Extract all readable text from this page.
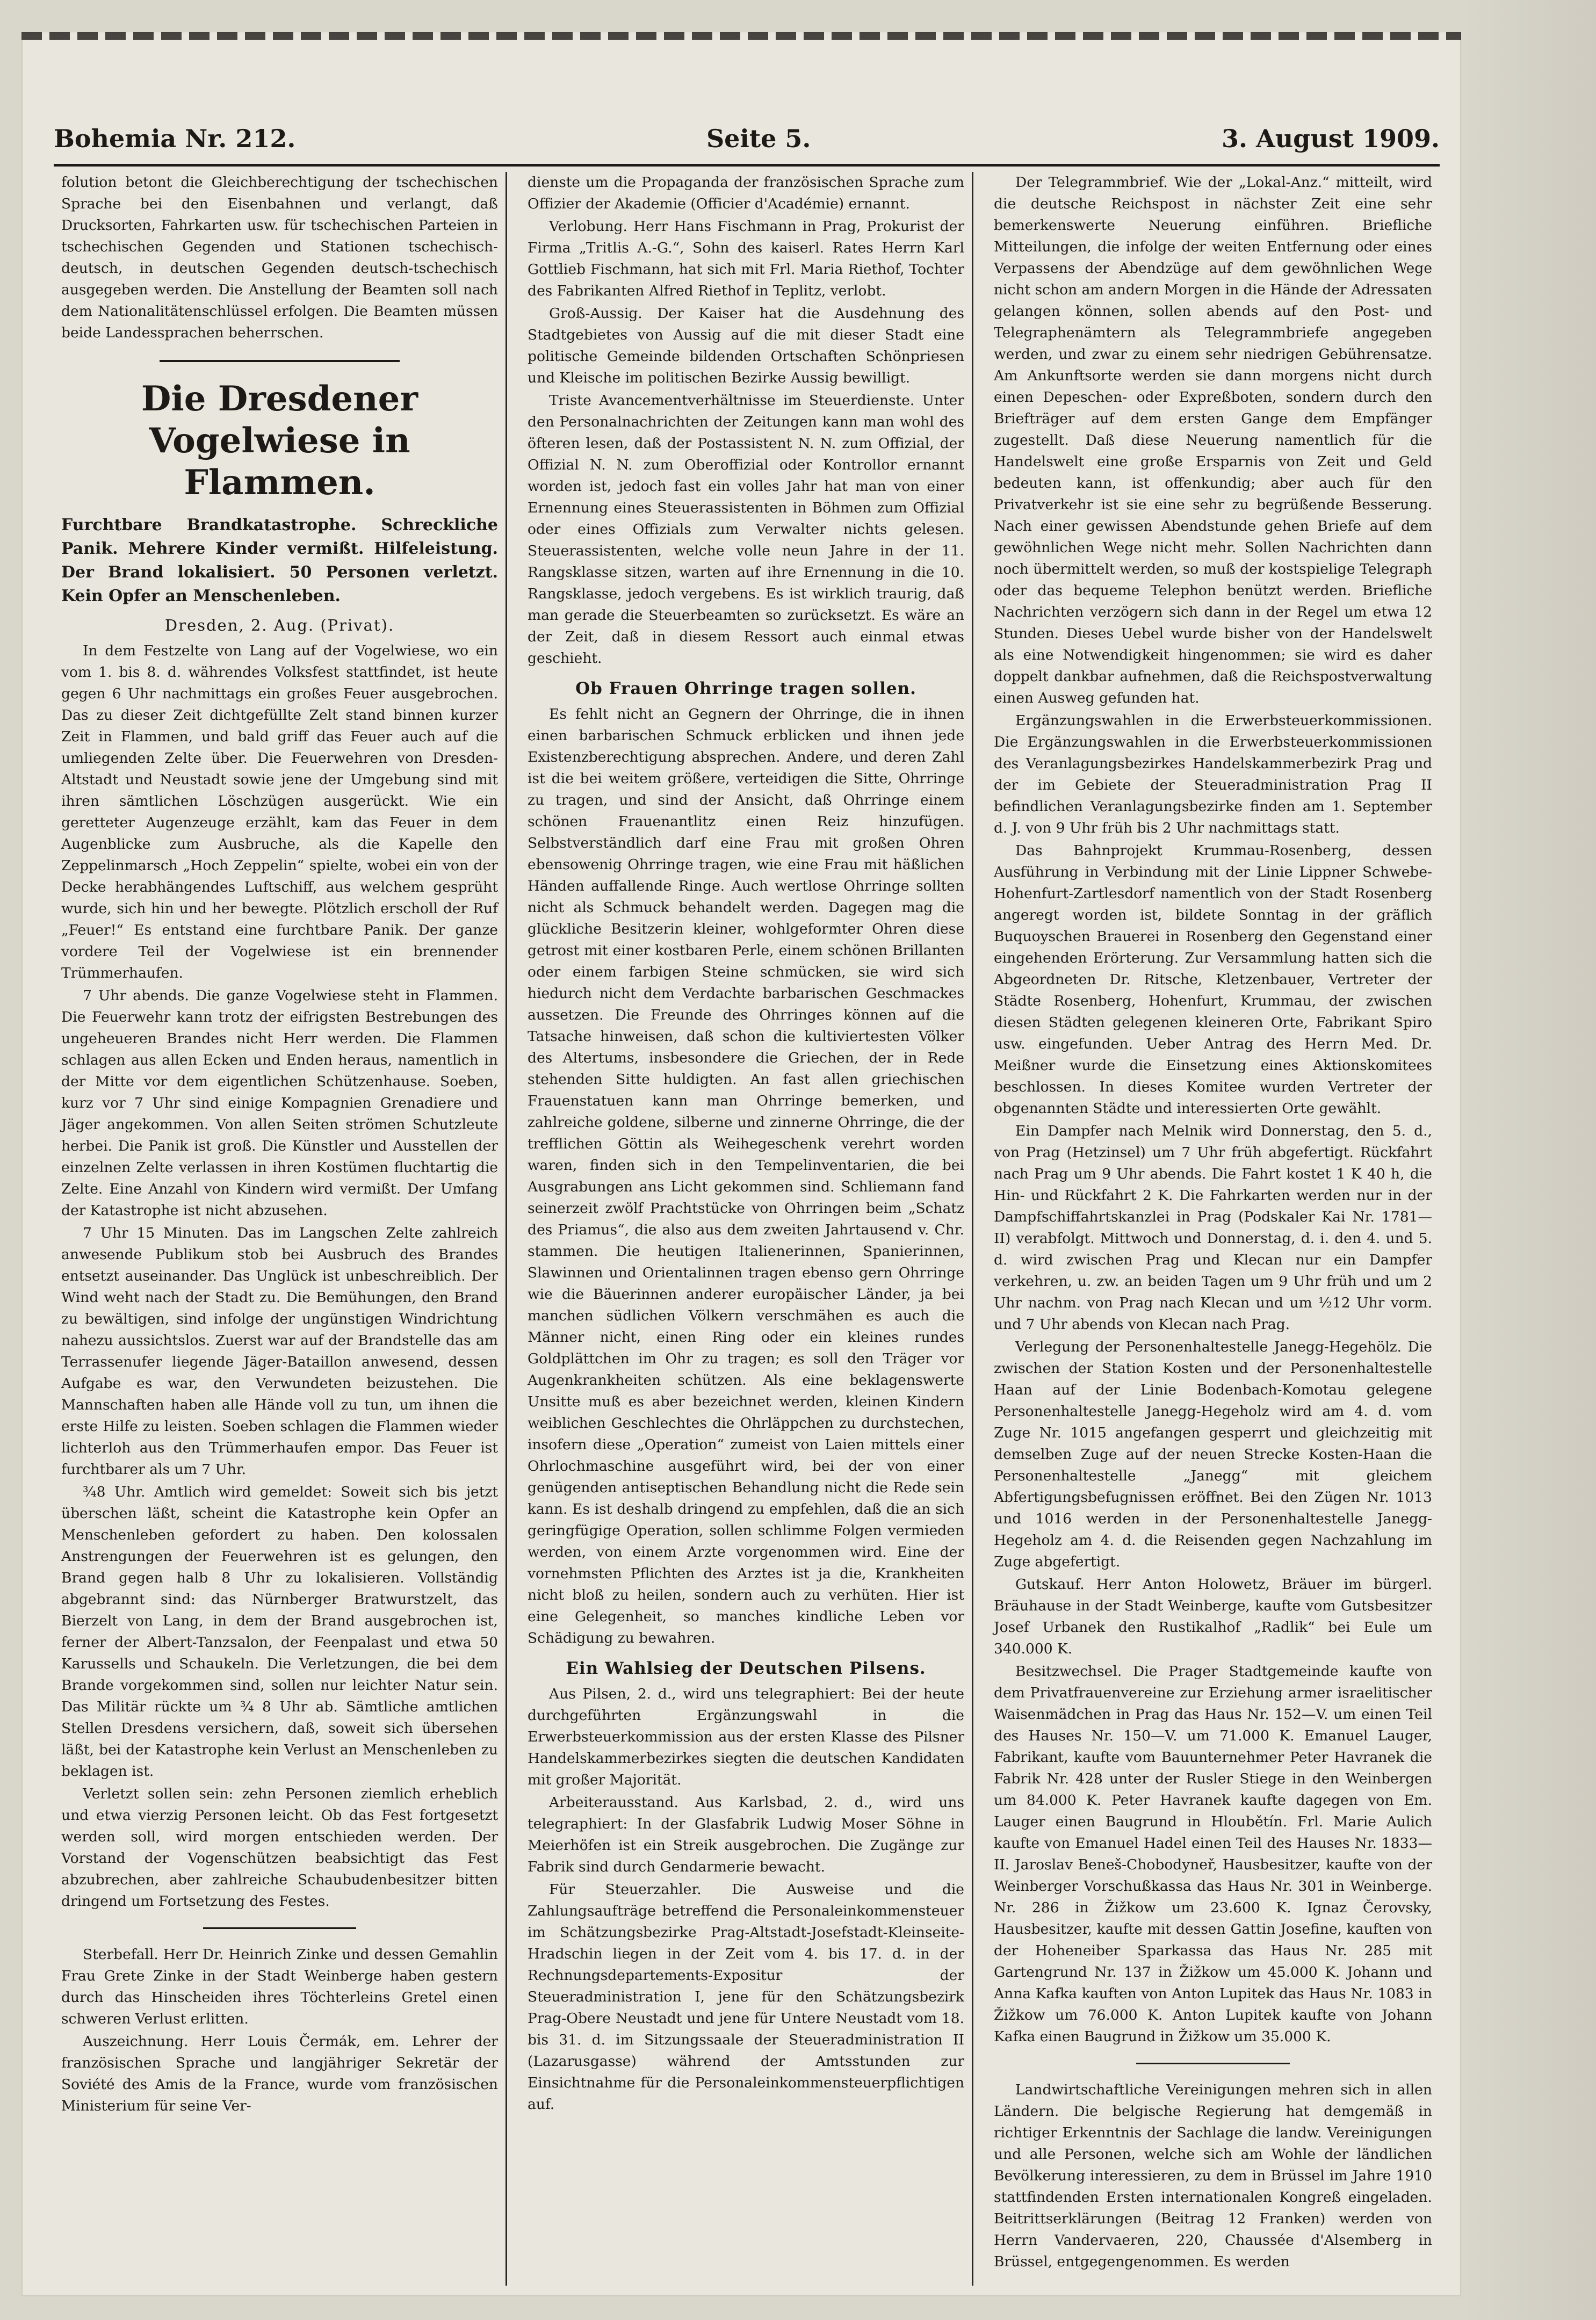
Bohemia Nr. 212.	Seite 5.	3. August 1909.

folution betont die Gleichberechtigung der tschechischen Sprache bei den Eisenbahnen und verlangt, daß Drucksorten, Fahrkarten usw. für tschechischen Parteien in tschechischen Gegenden und Stationen tschechisch-deutsch, in deutschen Gegenden deutsch-tschechisch ausgegeben werden. Die Anstellung der Beamten soll nach dem Nationalitätenschlüssel erfolgen. Die Beamten müssen beide Landessprachen beherrschen.

Die Dresdener Vogelwiese in Flammen.
Furchtbare Brandkatastrophe. Schreckliche Panik. Mehrere Kinder vermißt. Hilfeleistung. Der Brand lokalisiert. 50 Personen verletzt. Kein Opfer an Menschenleben.
Dresden, 2. Aug. (Privat).

In dem Festzelte von Lang auf der Vogelwiese, wo ein vom 1. bis 8. d. währendes Volksfest stattfindet, ist heute gegen 6 Uhr nachmittags ein großes Feuer ausgebrochen. Das zu dieser Zeit dichtgefüllte Zelt stand binnen kurzer Zeit in Flammen, und bald griff das Feuer auch auf die umliegenden Zelte über. Die Feuerwehren von Dresden-Altstadt und Neustadt sowie jene der Umgebung sind mit ihren sämtlichen Löschzügen ausgerückt. Wie ein geretteter Augenzeuge erzählt, kam das Feuer in dem Augenblicke zum Ausbruche, als die Kapelle den Zeppelinmarsch „Hoch Zeppelin“ spielte, wobei ein von der Decke herabhängendes Luftschiff, aus welchem gesprüht wurde, sich hin und her bewegte. Plötzlich erscholl der Ruf „Feuer!“ Es entstand eine furchtbare Panik. Der ganze vordere Teil der Vogelwiese ist ein brennender Trümmerhaufen.

7 Uhr abends. Die ganze Vogelwiese steht in Flammen. Die Feuerwehr kann trotz der eifrigsten Bestrebungen des ungeheueren Brandes nicht Herr werden. Die Flammen schlagen aus allen Ecken und Enden heraus, namentlich in der Mitte vor dem eigentlichen Schützenhause. Soeben, kurz vor 7 Uhr sind einige Kompagnien Grenadiere und Jäger angekommen. Von allen Seiten strömen Schutzleute herbei. Die Panik ist groß. Die Künstler und Ausstellen der einzelnen Zelte verlassen in ihren Kostümen fluchtartig die Zelte. Eine Anzahl von Kindern wird vermißt. Der Umfang der Katastrophe ist nicht abzusehen.

7 Uhr 15 Minuten. Das im Langschen Zelte zahlreich anwesende Publikum stob bei Ausbruch des Brandes entsetzt auseinander. Das Unglück ist unbeschreiblich. Der Wind weht nach der Stadt zu. Die Bemühungen, den Brand zu bewältigen, sind infolge der ungünstigen Windrichtung nahezu aussichtslos. Zuerst war auf der Brandstelle das am Terrassenufer liegende Jäger-Bataillon anwesend, dessen Aufgabe es war, den Verwundeten beizustehen. Die Mannschaften haben alle Hände voll zu tun, um ihnen die erste Hilfe zu leisten. Soeben schlagen die Flammen wieder lichterloh aus den Trümmerhaufen empor. Das Feuer ist furchtbarer als um 7 Uhr.

¾8 Uhr. Amtlich wird gemeldet: Soweit sich bis jetzt überschen läßt, scheint die Katastrophe kein Opfer an Menschenleben gefordert zu haben. Den kolossalen Anstrengungen der Feuerwehren ist es gelungen, den Brand gegen halb 8 Uhr zu lokalisieren. Vollständig abgebrannt sind: das Nürnberger Bratwurstzelt, das Bierzelt von Lang, in dem der Brand ausgebrochen ist, ferner der Albert-Tanzsalon, der Feenpalast und etwa 50 Karussells und Schaukeln. Die Verletzungen, die bei dem Brande vorgekommen sind, sollen nur leichter Natur sein. Das Militär rückte um ¾ 8 Uhr ab. Sämtliche amtlichen Stellen Dresdens versichern, daß, soweit sich übersehen läßt, bei der Katastrophe kein Verlust an Menschenleben zu beklagen ist.

Verletzt sollen sein: zehn Personen ziemlich erheblich und etwa vierzig Personen leicht. Ob das Fest fortgesetzt werden soll, wird morgen entschieden werden. Der Vorstand der Vogenschützen beabsichtigt das Fest abzubrechen, aber zahlreiche Schaubudenbesitzer bitten dringend um Fortsetzung des Festes.

Sterbefall. Herr Dr. Heinrich Zinke und dessen Gemahlin Frau Grete Zinke in der Stadt Weinberge haben gestern durch das Hinscheiden ihres Töchterleins Gretel einen schweren Verlust erlitten.

Auszeichnung. Herr Louis Čermák, em. Lehrer der französischen Sprache und langjähriger Sekretär der Soviété des Amis de la France, wurde vom französischen Ministerium für seine Ver-

dienste um die Propaganda der französischen Sprache zum Offizier der Akademie (Officier d'Académie) ernannt.

Verlobung. Herr Hans Fischmann in Prag, Prokurist der Firma „Tritlis A.-G.“, Sohn des kaiserl. Rates Herrn Karl Gottlieb Fischmann, hat sich mit Frl. Maria Riethof, Tochter des Fabrikanten Alfred Riethof in Teplitz, verlobt.

Groß-Aussig. Der Kaiser hat die Ausdehnung des Stadtgebietes von Aussig auf die mit dieser Stadt eine politische Gemeinde bildenden Ortschaften Schönpriesen und Kleische im politischen Bezirke Aussig bewilligt.

Triste Avancementverhältnisse im Steuerdienste. Unter den Personalnachrichten der Zeitungen kann man wohl des öfteren lesen, daß der Postassistent N. N. zum Offizial, der Offizial N. N. zum Oberoffizial oder Kontrollor ernannt worden ist, jedoch fast ein volles Jahr hat man von einer Ernennung eines Steuerassistenten in Böhmen zum Offizial oder eines Offizials zum Verwalter nichts gelesen. Steuerassistenten, welche volle neun Jahre in der 11. Rangsklasse sitzen, warten auf ihre Ernennung in die 10. Rangsklasse, jedoch vergebens. Es ist wirklich traurig, daß man gerade die Steuerbeamten so zurücksetzt. Es wäre an der Zeit, daß in diesem Ressort auch einmal etwas geschieht.

Ob Frauen Ohrringe tragen sollen.

Es fehlt nicht an Gegnern der Ohrringe, die in ihnen einen barbarischen Schmuck erblicken und ihnen jede Existenzberechtigung absprechen. Andere, und deren Zahl ist die bei weitem größere, verteidigen die Sitte, Ohrringe zu tragen, und sind der Ansicht, daß Ohrringe einem schönen Frauenantlitz einen Reiz hinzufügen. Selbstverständlich darf eine Frau mit großen Ohren ebensowenig Ohrringe tragen, wie eine Frau mit häßlichen Händen auffallende Ringe. Auch wertlose Ohrringe sollten nicht als Schmuck behandelt werden. Dagegen mag die glückliche Besitzerin kleiner, wohlgeformter Ohren diese getrost mit einer kostbaren Perle, einem schönen Brillanten oder einem farbigen Steine schmücken, sie wird sich hiedurch nicht dem Verdachte barbarischen Geschmackes aussetzen. Die Freunde des Ohrringes können auf die Tatsache hinweisen, daß schon die kultiviertesten Völker des Altertums, insbesondere die Griechen, der in Rede stehenden Sitte huldigten. An fast allen griechischen Frauenstatuen kann man Ohrringe bemerken, und zahlreiche goldene, silberne und zinnerne Ohrringe, die der trefflichen Göttin als Weihegeschenk verehrt worden waren, finden sich in den Tempelinventarien, die bei Ausgrabungen ans Licht gekommen sind. Schliemann fand seinerzeit zwölf Prachtstücke von Ohrringen beim „Schatz des Priamus“, die also aus dem zweiten Jahrtausend v. Chr. stammen. Die heutigen Italienerinnen, Spanierinnen, Slawinnen und Orientalinnen tragen ebenso gern Ohrringe wie die Bäuerinnen anderer europäischer Länder, ja bei manchen südlichen Völkern verschmähen es auch die Männer nicht, einen Ring oder ein kleines rundes Goldplättchen im Ohr zu tragen; es soll den Träger vor Augenkrankheiten schützen. Als eine beklagenswerte Unsitte muß es aber bezeichnet werden, kleinen Kindern weiblichen Geschlechtes die Ohrläppchen zu durchstechen, insofern diese „Operation“ zumeist von Laien mittels einer Ohrlochmaschine ausgeführt wird, bei der von einer genügenden antiseptischen Behandlung nicht die Rede sein kann. Es ist deshalb dringend zu empfehlen, daß die an sich geringfügige Operation, sollen schlimme Folgen vermieden werden, von einem Arzte vorgenommen wird. Eine der vornehmsten Pflichten des Arztes ist ja die, Krankheiten nicht bloß zu heilen, sondern auch zu verhüten. Hier ist eine Gelegenheit, so manches kindliche Leben vor Schädigung zu bewahren.

Ein Wahlsieg der Deutschen Pilsens.

Aus Pilsen, 2. d., wird uns telegraphiert: Bei der heute durchgeführten Ergänzungswahl in die Erwerbsteuerkommission aus der ersten Klasse des Pilsner Handelskammerbezirkes siegten die deutschen Kandidaten mit großer Majorität.

Arbeiterausstand. Aus Karlsbad, 2. d., wird uns telegraphiert: In der Glasfabrik Ludwig Moser Söhne in Meierhöfen ist ein Streik ausgebrochen. Die Zugänge zur Fabrik sind durch Gendarmerie bewacht.

Für Steuerzahler. Die Ausweise und die Zahlungsaufträge betreffend die Personaleinkommensteuer im Schätzungsbezirke Prag-Altstadt-Josefstadt-Kleinseite-Hradschin liegen in der Zeit vom 4. bis 17. d. in der Rechnungsdepartements-Expositur der Steueradministration I, jene für den Schätzungsbezirk Prag-Obere Neustadt und jene für Untere Neustadt vom 18. bis 31. d. im Sitzungssaale der Steueradministration II (Lazarusgasse) während der Amtsstunden zur Einsichtnahme für die Personaleinkommensteuerpflichtigen auf.

Der Telegrammbrief. Wie der „Lokal-Anz.“ mitteilt, wird die deutsche Reichspost in nächster Zeit eine sehr bemerkenswerte Neuerung einführen. Briefliche Mitteilungen, die infolge der weiten Entfernung oder eines Verpassens der Abendzüge auf dem gewöhnlichen Wege nicht schon am andern Morgen in die Hände der Adressaten gelangen können, sollen abends auf den Post- und Telegraphenämtern als Telegrammbriefe angegeben werden, und zwar zu einem sehr niedrigen Gebührensatze. Am Ankunftsorte werden sie dann morgens nicht durch einen Depeschen- oder Expreßboten, sondern durch den Briefträger auf dem ersten Gange dem Empfänger zugestellt. Daß diese Neuerung namentlich für die Handelswelt eine große Ersparnis von Zeit und Geld bedeuten kann, ist offenkundig; aber auch für den Privatverkehr ist sie eine sehr zu begrüßende Besserung. Nach einer gewissen Abendstunde gehen Briefe auf dem gewöhnlichen Wege nicht mehr. Sollen Nachrichten dann noch übermittelt werden, so muß der kostspielige Telegraph oder das bequeme Telephon benützt werden. Briefliche Nachrichten verzögern sich dann in der Regel um etwa 12 Stunden. Dieses Uebel wurde bisher von der Handelswelt als eine Notwendigkeit hingenommen; sie wird es daher doppelt dankbar aufnehmen, daß die Reichspostverwaltung einen Ausweg gefunden hat.

Ergänzungswahlen in die Erwerbsteuerkommissionen. Die Ergänzungswahlen in die Erwerbsteuerkommissionen des Veranlagungsbezirkes Handelskammerbezirk Prag und der im Gebiete der Steueradministration Prag II befindlichen Veranlagungsbezirke finden am 1. September d. J. von 9 Uhr früh bis 2 Uhr nachmittags statt.

Das Bahnprojekt Krummau-Rosenberg, dessen Ausführung in Verbindung mit der Linie Lippner Schwebe-Hohenfurt-Zartlesdorf namentlich von der Stadt Rosenberg angeregt worden ist, bildete Sonntag in der gräflich Buquoyschen Brauerei in Rosenberg den Gegenstand einer eingehenden Erörterung. Zur Versammlung hatten sich die Abgeordneten Dr. Ritsche, Kletzenbauer, Vertreter der Städte Rosenberg, Hohenfurt, Krummau, der zwischen diesen Städten gelegenen kleineren Orte, Fabrikant Spiro usw. eingefunden. Ueber Antrag des Herrn Med. Dr. Meißner wurde die Einsetzung eines Aktionskomitees beschlossen. In dieses Komitee wurden Vertreter der obgenannten Städte und interessierten Orte gewählt.

Ein Dampfer nach Melnik wird Donnerstag, den 5. d., von Prag (Hetzinsel) um 7 Uhr früh abgefertigt. Rückfahrt nach Prag um 9 Uhr abends. Die Fahrt kostet 1 K 40 h, die Hin- und Rückfahrt 2 K. Die Fahrkarten werden nur in der Dampfschiffahrtskanzlei in Prag (Podskaler Kai Nr. 1781—II) verabfolgt. Mittwoch und Donnerstag, d. i. den 4. und 5. d. wird zwischen Prag und Klecan nur ein Dampfer verkehren, u. zw. an beiden Tagen um 9 Uhr früh und um 2 Uhr nachm. von Prag nach Klecan und um ½12 Uhr vorm. und 7 Uhr abends von Klecan nach Prag.

Verlegung der Personenhaltestelle Janegg-Hegehölz. Die zwischen der Station Kosten und der Personenhaltestelle Haan auf der Linie Bodenbach-Komotau gelegene Personenhaltestelle Janegg-Hegeholz wird am 4. d. vom Zuge Nr. 1015 angefangen gesperrt und gleichzeitig mit demselben Zuge auf der neuen Strecke Kosten-Haan die Personenhaltestelle „Janegg“ mit gleichem Abfertigungsbefugnissen eröffnet. Bei den Zügen Nr. 1013 und 1016 werden in der Personenhaltestelle Janegg-Hegeholz am 4. d. die Reisenden gegen Nachzahlung im Zuge abgefertigt.

Gutskauf. Herr Anton Holowetz, Bräuer im bürgerl. Bräuhause in der Stadt Weinberge, kaufte vom Gutsbesitzer Josef Urbanek den Rustikalhof „Radlik“ bei Eule um 340.000 K.

Besitzwechsel. Die Prager Stadtgemeinde kaufte von dem Privatfrauenvereine zur Erziehung armer israelitischer Waisenmädchen in Prag das Haus Nr. 152—V. um einen Teil des Hauses Nr. 150—V. um 71.000 K. Emanuel Lauger, Fabrikant, kaufte vom Bauunternehmer Peter Havranek die Fabrik Nr. 428 unter der Rusler Stiege in den Weinbergen um 84.000 K. Peter Havranek kaufte dagegen von Em. Lauger einen Baugrund in Hloubětín. Frl. Marie Aulich kaufte von Emanuel Hadel einen Teil des Hauses Nr. 1833—II. Jaroslav Beneš-Chobodyneř, Hausbesitzer, kaufte von der Weinberger Vorschußkassa das Haus Nr. 301 in Weinberge. Nr. 286 in Žižkow um 23.600 K. Ignaz Čerovsky, Hausbesitzer, kaufte mit dessen Gattin Josefine, kauften von der Hoheneiber Sparkassa das Haus Nr. 285 mit Gartengrund Nr. 137 in Žižkow um 45.000 K. Johann und Anna Kafka kauften von Anton Lupitek das Haus Nr. 1083 in Žižkow um 76.000 K. Anton Lupitek kaufte von Johann Kafka einen Baugrund in Žižkow um 35.000 K.

Landwirtschaftliche Vereinigungen mehren sich in allen Ländern. Die belgische Regierung hat demgemäß in richtiger Erkenntnis der Sachlage die landw. Vereinigungen und alle Personen, welche sich am Wohle der ländlichen Bevölkerung interessieren, zu dem in Brüssel im Jahre 1910 stattfindenden Ersten internationalen Kongreß eingeladen. Beitrittserklärungen (Beitrag 12 Franken) werden von Herrn Vandervaeren, 220, Chaussée d'Alsemberg in Brüssel, entgegengenommen. Es werden
